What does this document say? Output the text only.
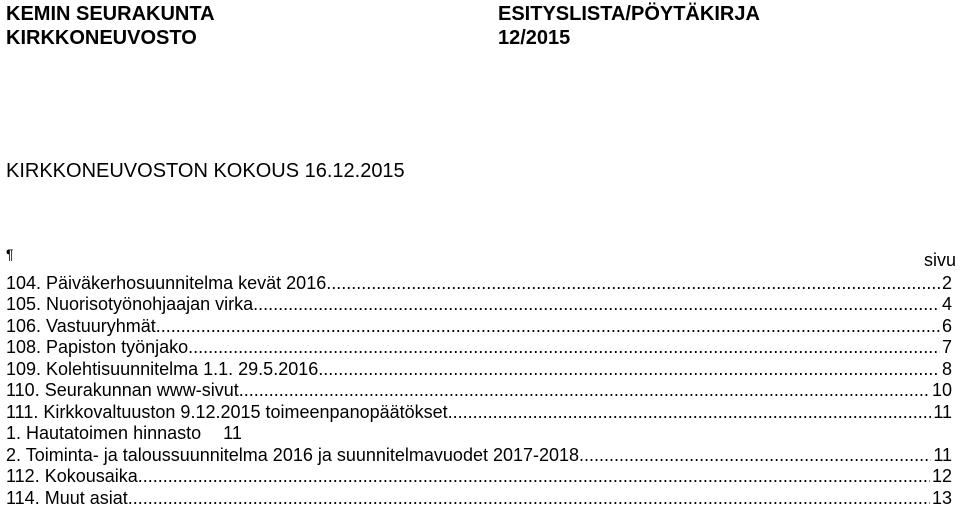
KEMIN SEURAKUNTA
KIRKKONEUVOSTO
ESITYSLISTA/PÖYTÄKIRJA
12/2015
KIRKKONEUVOSTON KOKOUS 16.12.2015
¶	sivu
104. Päiväkerhosuunnitelma kevät 2016 .....	2
105. Nuorisotyönohjaajan virka .....	4
106. Vastuuryhmät .....	6
108. Papiston työnjako .....	7
109. Kolehtisuunnitelma 1.1. 29.5.2016 .....	8
110. Seurakunnan www-sivut .....	10
111. Kirkkovaltuuston 9.12.2015 toimeenpanopäätökset .....	11
1. Hautatoimen hinnasto	11
2. Toiminta- ja taloussuunnitelma 2016 ja suunnitelmavuodet 2017-2018 .....	11
112. Kokousaika .....	12
114. Muut asiat .....	13
